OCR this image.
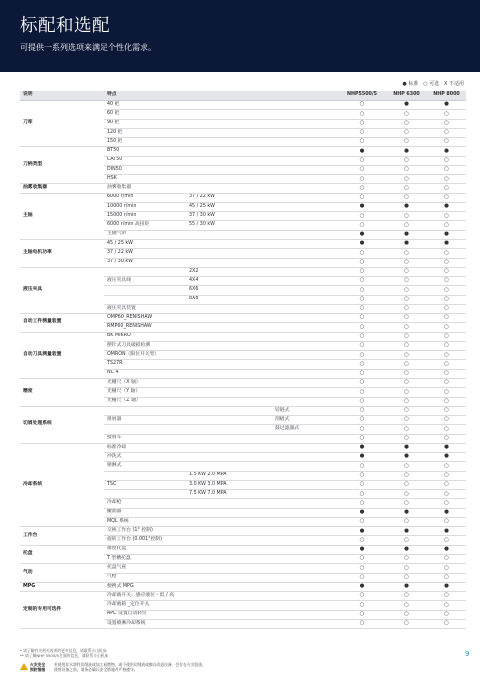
标配和选配
可提供一系列选项来满足个性化需求。
● 标准 ○ 可选 X 不适用
说明	特点			NHP5500/5	NHP 6300	NHP 8000
刀库	40 把			○	●	●
	60 把			○	○	○
	90 把			○	○	○
	120 把			○	○	○
	150 把			○	○	○
刀柄类型	BT50			●	●	●
	CAT50			○	○	○
	DIN50			○	○	○
	HSK			○	○	○
油雾收集器	油雾收集器			○	○	○
主轴	6000 r/min	37 / 22 kW		○	○	○
	10000 r/min	45 / 25 kW		●	●	●
	15000 r/min	37 / 30 kW		○	○	○
	6000 r/min 高扭矩	55 / 30 kW		○	○	○
	主轴气帘			●	●	●
主轴电机功率	45 / 25 kW			●	●	●
	37 / 22 kW			○	○	○
	37 / 30 kW			○	○	○
液压夹具		2X2		○	○	○
	液压夹具线	4X4		○	○	○
		6X6		○	○	○
		8X8		○	○	○
	液压夹具装置			○	○	○
自动工件测量装置	OMP60_RENISHAW			○	○	○
	RMP60_RENISHAW			○	○	○
自动刀具测量装置	BK MIKRO			○	○	○
	摆针式刀具破损检测			○	○	○
	OMRON（限位开关型）			○	○	○
	TS27R			○	○	○
	NC 4			○	○	○
精度	光栅尺（X 轴）			○	○	○
	光栅尺（Y 轴）			○	○	○
	光栅尺（Z 轴）			○	○	○
切屑处理系统			铰链式	○	○	○
	排屑器		刮板式	○	○	○
			鼓过滤器式	○	○	○
	接屑车			○	○	○
冷却系统	标准冷却			●	●	●
	冲洗式			●	●	●
	喷淋式			○	○	○
		1.5 KW 2.0 MPA		○	○	○
	TSC	3.0 KW 3.0 MPA		○	○	○
		7.5 KW 7.0 MPA		○	○	○
	冷却枪			○	○	○
	撇油器			●	●	●
	MQL 系统			○	○	○
工作台	交换工作台 (1° 控制)			●	●	●
	旋转工作台 (0.001°控制)			○	○	○
托盘	锥度托盘			●	●	●
	T 型槽托盘			○	○	○
气动	托盘气座			○	○	○
	气枪			○	○	○
MPG	便携式 MPG			●	●	●
定制的专用可选件	冷却液开关：感应液位 - 低 / 高			○	○	○
	冷却液箱 _定位开关			○	○	○
	APC 设置自动转位			○	○	○
	设置喷淋冷却系统			○	○	○
* 请了解有关相关选项的更多信息，请联系斗山机床
** 请了解NHP 5500/5方面的信息，请联系斗山机床
火灾安全
预防措施
若使用非水溶性切削液或加工易燃物，或不使用切削液或擦自改造设备，会存在火灾隐患。
使用设备之前，请务必确认安全措施并严格遵守。
9
